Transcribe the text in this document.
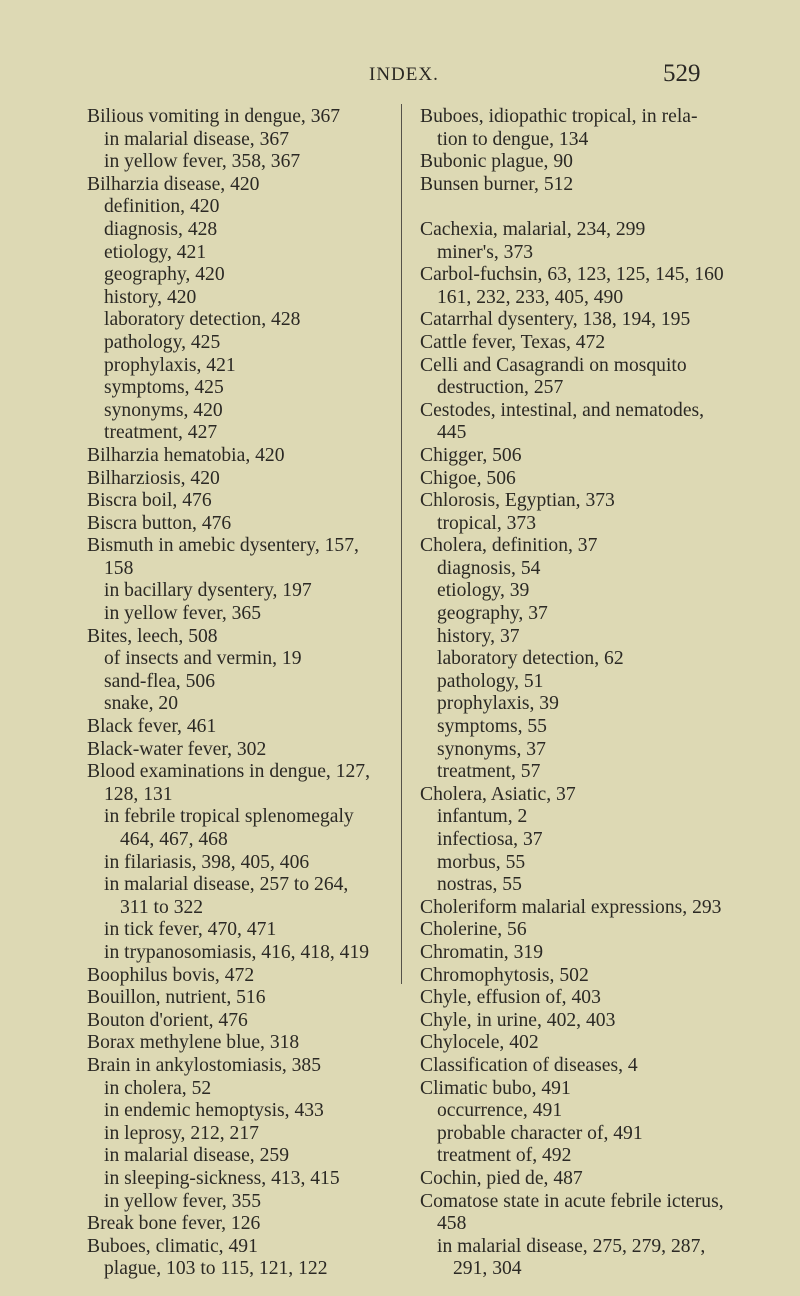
INDEX.	529
Bilious vomiting in dengue, 367
in malarial disease, 367
in yellow fever, 358, 367
Bilharzia disease, 420
definition, 420
diagnosis, 428
etiology, 421
geography, 420
history, 420
laboratory detection, 428
pathology, 425
prophylaxis, 421
symptoms, 425
synonyms, 420
treatment, 427
Bilharzia hematobia, 420
Bilharziosis, 420
Biscra boil, 476
Biscra button, 476
Bismuth in amebic dysentery, 157,
158
in bacillary dysentery, 197
in yellow fever, 365
Bites, leech, 508
of insects and vermin, 19
sand-flea, 506
snake, 20
Black fever, 461
Black-water fever, 302
Blood examinations in dengue, 127,
128, 131
in febrile tropical splenomegaly
464, 467, 468
in filariasis, 398, 405, 406
in malarial disease, 257 to 264,
311 to 322
in tick fever, 470, 471
in trypanosomiasis, 416, 418, 419
Boophilus bovis, 472
Bouillon, nutrient, 516
Bouton d'orient, 476
Borax methylene blue, 318
Brain in ankylostomiasis, 385
in cholera, 52
in endemic hemoptysis, 433
in leprosy, 212, 217
in malarial disease, 259
in sleeping-sickness, 413, 415
in yellow fever, 355
Break bone fever, 126
Buboes, climatic, 491
plague, 103 to 115, 121, 122
Buboes, idiopathic tropical, in rela-
tion to dengue, 134
Bubonic plague, 90
Bunsen burner, 512
Cachexia, malarial, 234, 299
miner's, 373
Carbol-fuchsin, 63, 123, 125, 145, 160
161, 232, 233, 405, 490
Catarrhal dysentery, 138, 194, 195
Cattle fever, Texas, 472
Celli and Casagrandi on mosquito
destruction, 257
Cestodes, intestinal, and nematodes,
445
Chigger, 506
Chigoe, 506
Chlorosis, Egyptian, 373
tropical, 373
Cholera, definition, 37
diagnosis, 54
etiology, 39
geography, 37
history, 37
laboratory detection, 62
pathology, 51
prophylaxis, 39
symptoms, 55
synonyms, 37
treatment, 57
Cholera, Asiatic, 37
infantum, 2
infectiosa, 37
morbus, 55
nostras, 55
Choleriform malarial expressions, 293
Cholerine, 56
Chromatin, 319
Chromophytosis, 502
Chyle, effusion of, 403
Chyle, in urine, 402, 403
Chylocele, 402
Classification of diseases, 4
Climatic bubo, 491
occurrence, 491
probable character of, 491
treatment of, 492
Cochin, pied de, 487
Comatose state in acute febrile icterus,
458
in malarial disease, 275, 279, 287,
291, 304
